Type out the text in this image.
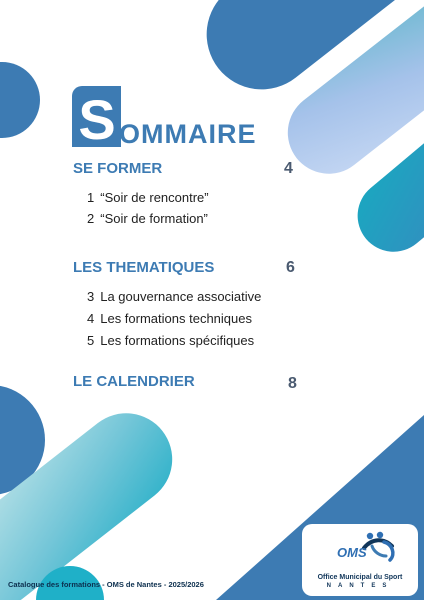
S OMMAIRE
SE FORMER	4
1 “Soir de rencontre”
2 “Soir de formation”
LES THEMATIQUES	6
3 La gouvernance associative
4 Les formations techniques
5 Les formations spécifiques
LE CALENDRIER	8
Catalogue des formations - OMS de Nantes - 2025/2026
OMS
Office Municipal du Sport
NANTES
